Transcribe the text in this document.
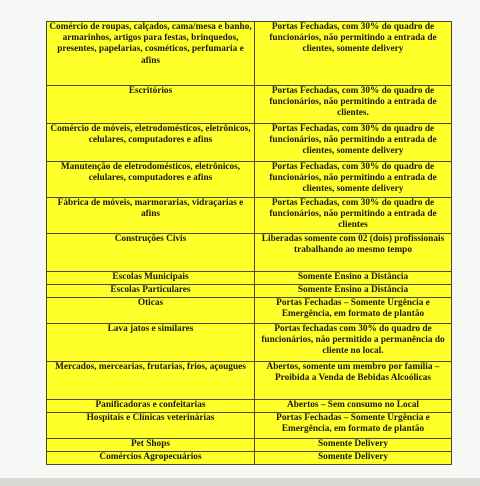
Comércio de roupas, calçados, cama/mesa e banho, armarinhos, artigos para festas, brinquedos, presentes, papelarias, cosméticos, perfumaria e afins	Portas Fechadas, com 30% do quadro de funcionários, não permitindo a entrada de clientes, somente delivery
Escritórios	Portas Fechadas, com 30% do quadro de funcionários, não permitindo a entrada de clientes.
Comércio de móveis, eletrodomésticos, eletrônicos, celulares, computadores e afins	Portas Fechadas, com 30% do quadro de funcionários, não permitindo a entrada de clientes, somente delivery
Manutenção de eletrodomésticos, eletrônicos, celulares, computadores e afins	Portas Fechadas, com 30% do quadro de funcionários, não permitindo a entrada de clientes, somente delivery
Fábrica de móveis, marmorarias, vidraçarias e afins	Portas Fechadas, com 30% do quadro de funcionários, não permitindo a entrada de clientes
Construções Civis	Liberadas somente com 02 (dois) profissionais trabalhando ao mesmo tempo
Escolas Municipais	Somente Ensino a Distância
Escolas Particulares	Somente Ensino a Distância
Óticas	Portas Fechadas – Somente Urgência e Emergência, em formato de plantão
Lava jatos e similares	Portas fechadas com 30% do quadro de funcionários, não permitido a permanência do cliente no local.
Mercados, mercearias, frutarias, frios, açougues	Abertos, somente um membro por família – Proibida a Venda de Bebidas Alcoólicas
Panificadoras e confeitarias	Abertos – Sem consumo no Local
Hospitais e Clínicas veterinárias	Portas Fechadas – Somente Urgência e Emergência, em formato de plantão
Pet Shops	Somente Delivery
Comércios Agropecuários	Somente Delivery
